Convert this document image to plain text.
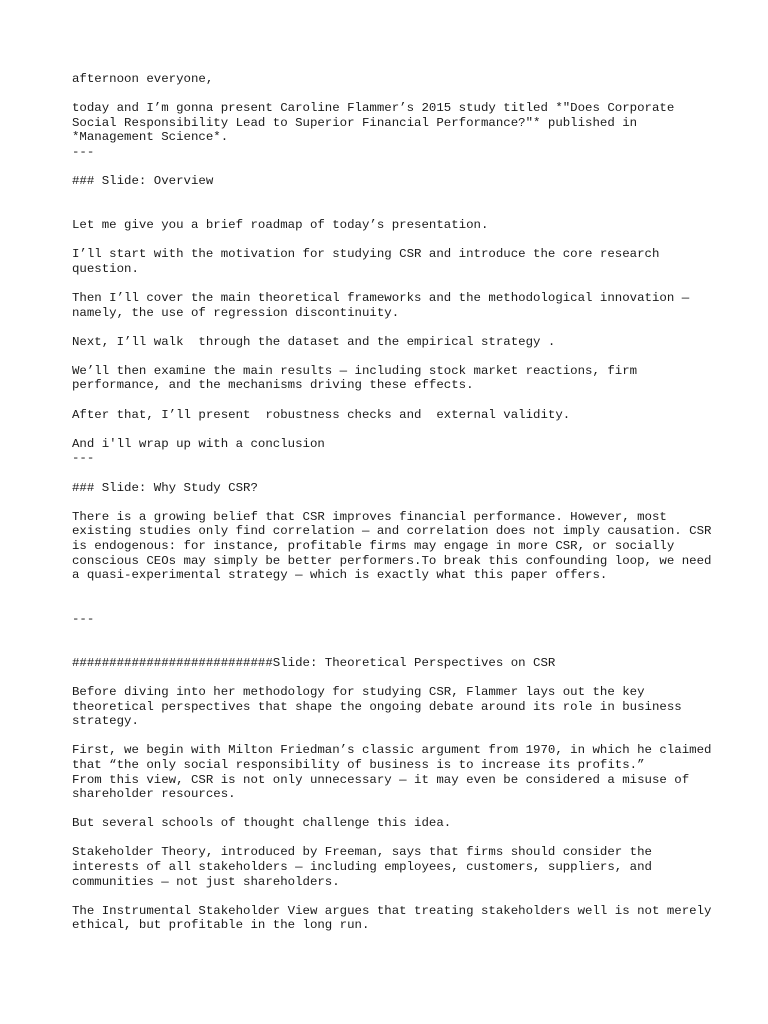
afternoon everyone,

today and I’m gonna present Caroline Flammer’s 2015 study titled *"Does Corporate Social Responsibility Lead to Superior Financial Performance?"* published in *Management Science*.

---

### Slide: Overview

Let me give you a brief roadmap of today’s presentation.

I’ll start with the motivation for studying CSR and introduce the core research question.

Then I’ll cover the main theoretical frameworks and the methodological innovation — namely, the use of regression discontinuity.

Next, I’ll walk  through the dataset and the empirical strategy .

We’ll then examine the main results — including stock market reactions, firm performance, and the mechanisms driving these effects.

After that, I’ll present  robustness checks and  external validity.

And i'll wrap up with a conclusion

---

### Slide: Why Study CSR?

There is a growing belief that CSR improves financial performance. However, most existing studies only find correlation — and correlation does not imply causation. CSR is endogenous: for instance, profitable firms may engage in more CSR, or socially conscious CEOs may simply be better performers.To break this confounding loop, we need a quasi-experimental strategy — which is exactly what this paper offers.

---

###########################Slide: Theoretical Perspectives on CSR

Before diving into her methodology for studying CSR, Flammer lays out the key theoretical perspectives that shape the ongoing debate around its role in business strategy.

First, we begin with Milton Friedman’s classic argument from 1970, in which he claimed that “the only social responsibility of business is to increase its profits.”

From this view, CSR is not only unnecessary — it may even be considered a misuse of shareholder resources.

But several schools of thought challenge this idea.

Stakeholder Theory, introduced by Freeman, says that firms should consider the interests of all stakeholders — including employees, customers, suppliers, and communities — not just shareholders.

The Instrumental Stakeholder View argues that treating stakeholders well is not merely ethical, but profitable in the long run.
